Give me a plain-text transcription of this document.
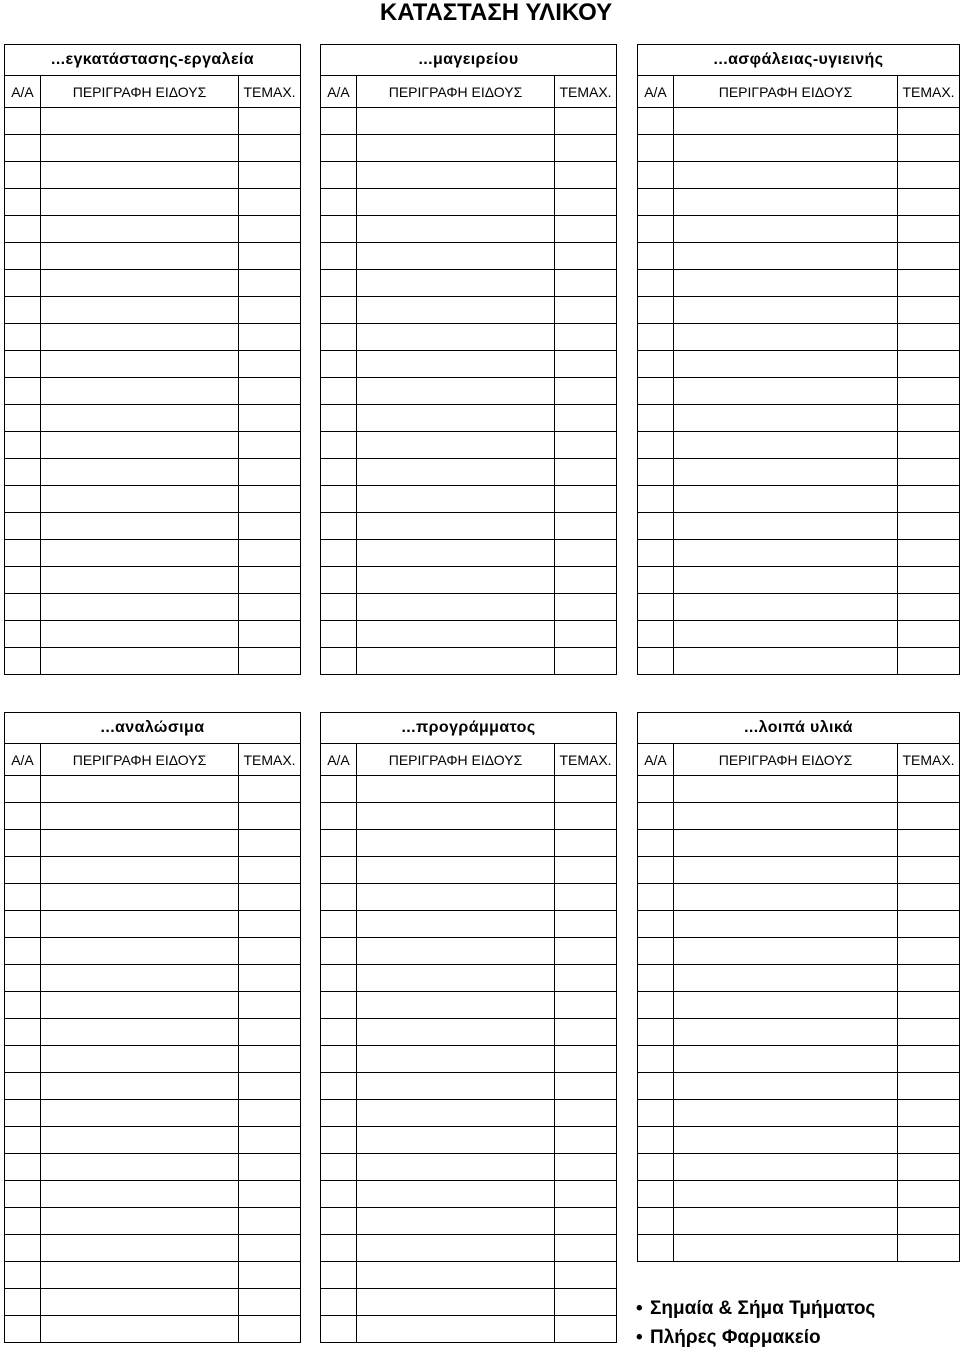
ΚΑΤΑΣΤΑΣΗ ΥΛΙΚΟΥ
...εγκατάστασης-εργαλεία		
Α/Α	ΠΕΡΙΓΡΑΦΗ ΕΙΔΟΥΣ	ΤΕΜΑΧ.

...μαγειρείου		
Α/Α	ΠΕΡΙΓΡΑΦΗ ΕΙΔΟΥΣ	ΤΕΜΑΧ.

...ασφάλειας-υγιεινής		
Α/Α	ΠΕΡΙΓΡΑΦΗ ΕΙΔΟΥΣ	ΤΕΜΑΧ.

...αναλώσιμα		
Α/Α	ΠΕΡΙΓΡΑΦΗ ΕΙΔΟΥΣ	ΤΕΜΑΧ.

...προγράμματος		
Α/Α	ΠΕΡΙΓΡΑΦΗ ΕΙΔΟΥΣ	ΤΕΜΑΧ.

...λοιπά υλικά		
Α/Α	ΠΕΡΙΓΡΑΦΗ ΕΙΔΟΥΣ	ΤΕΜΑΧ.

• Σημαία & Σήμα Τμήματος
• Πλήρες Φαρμακείο
